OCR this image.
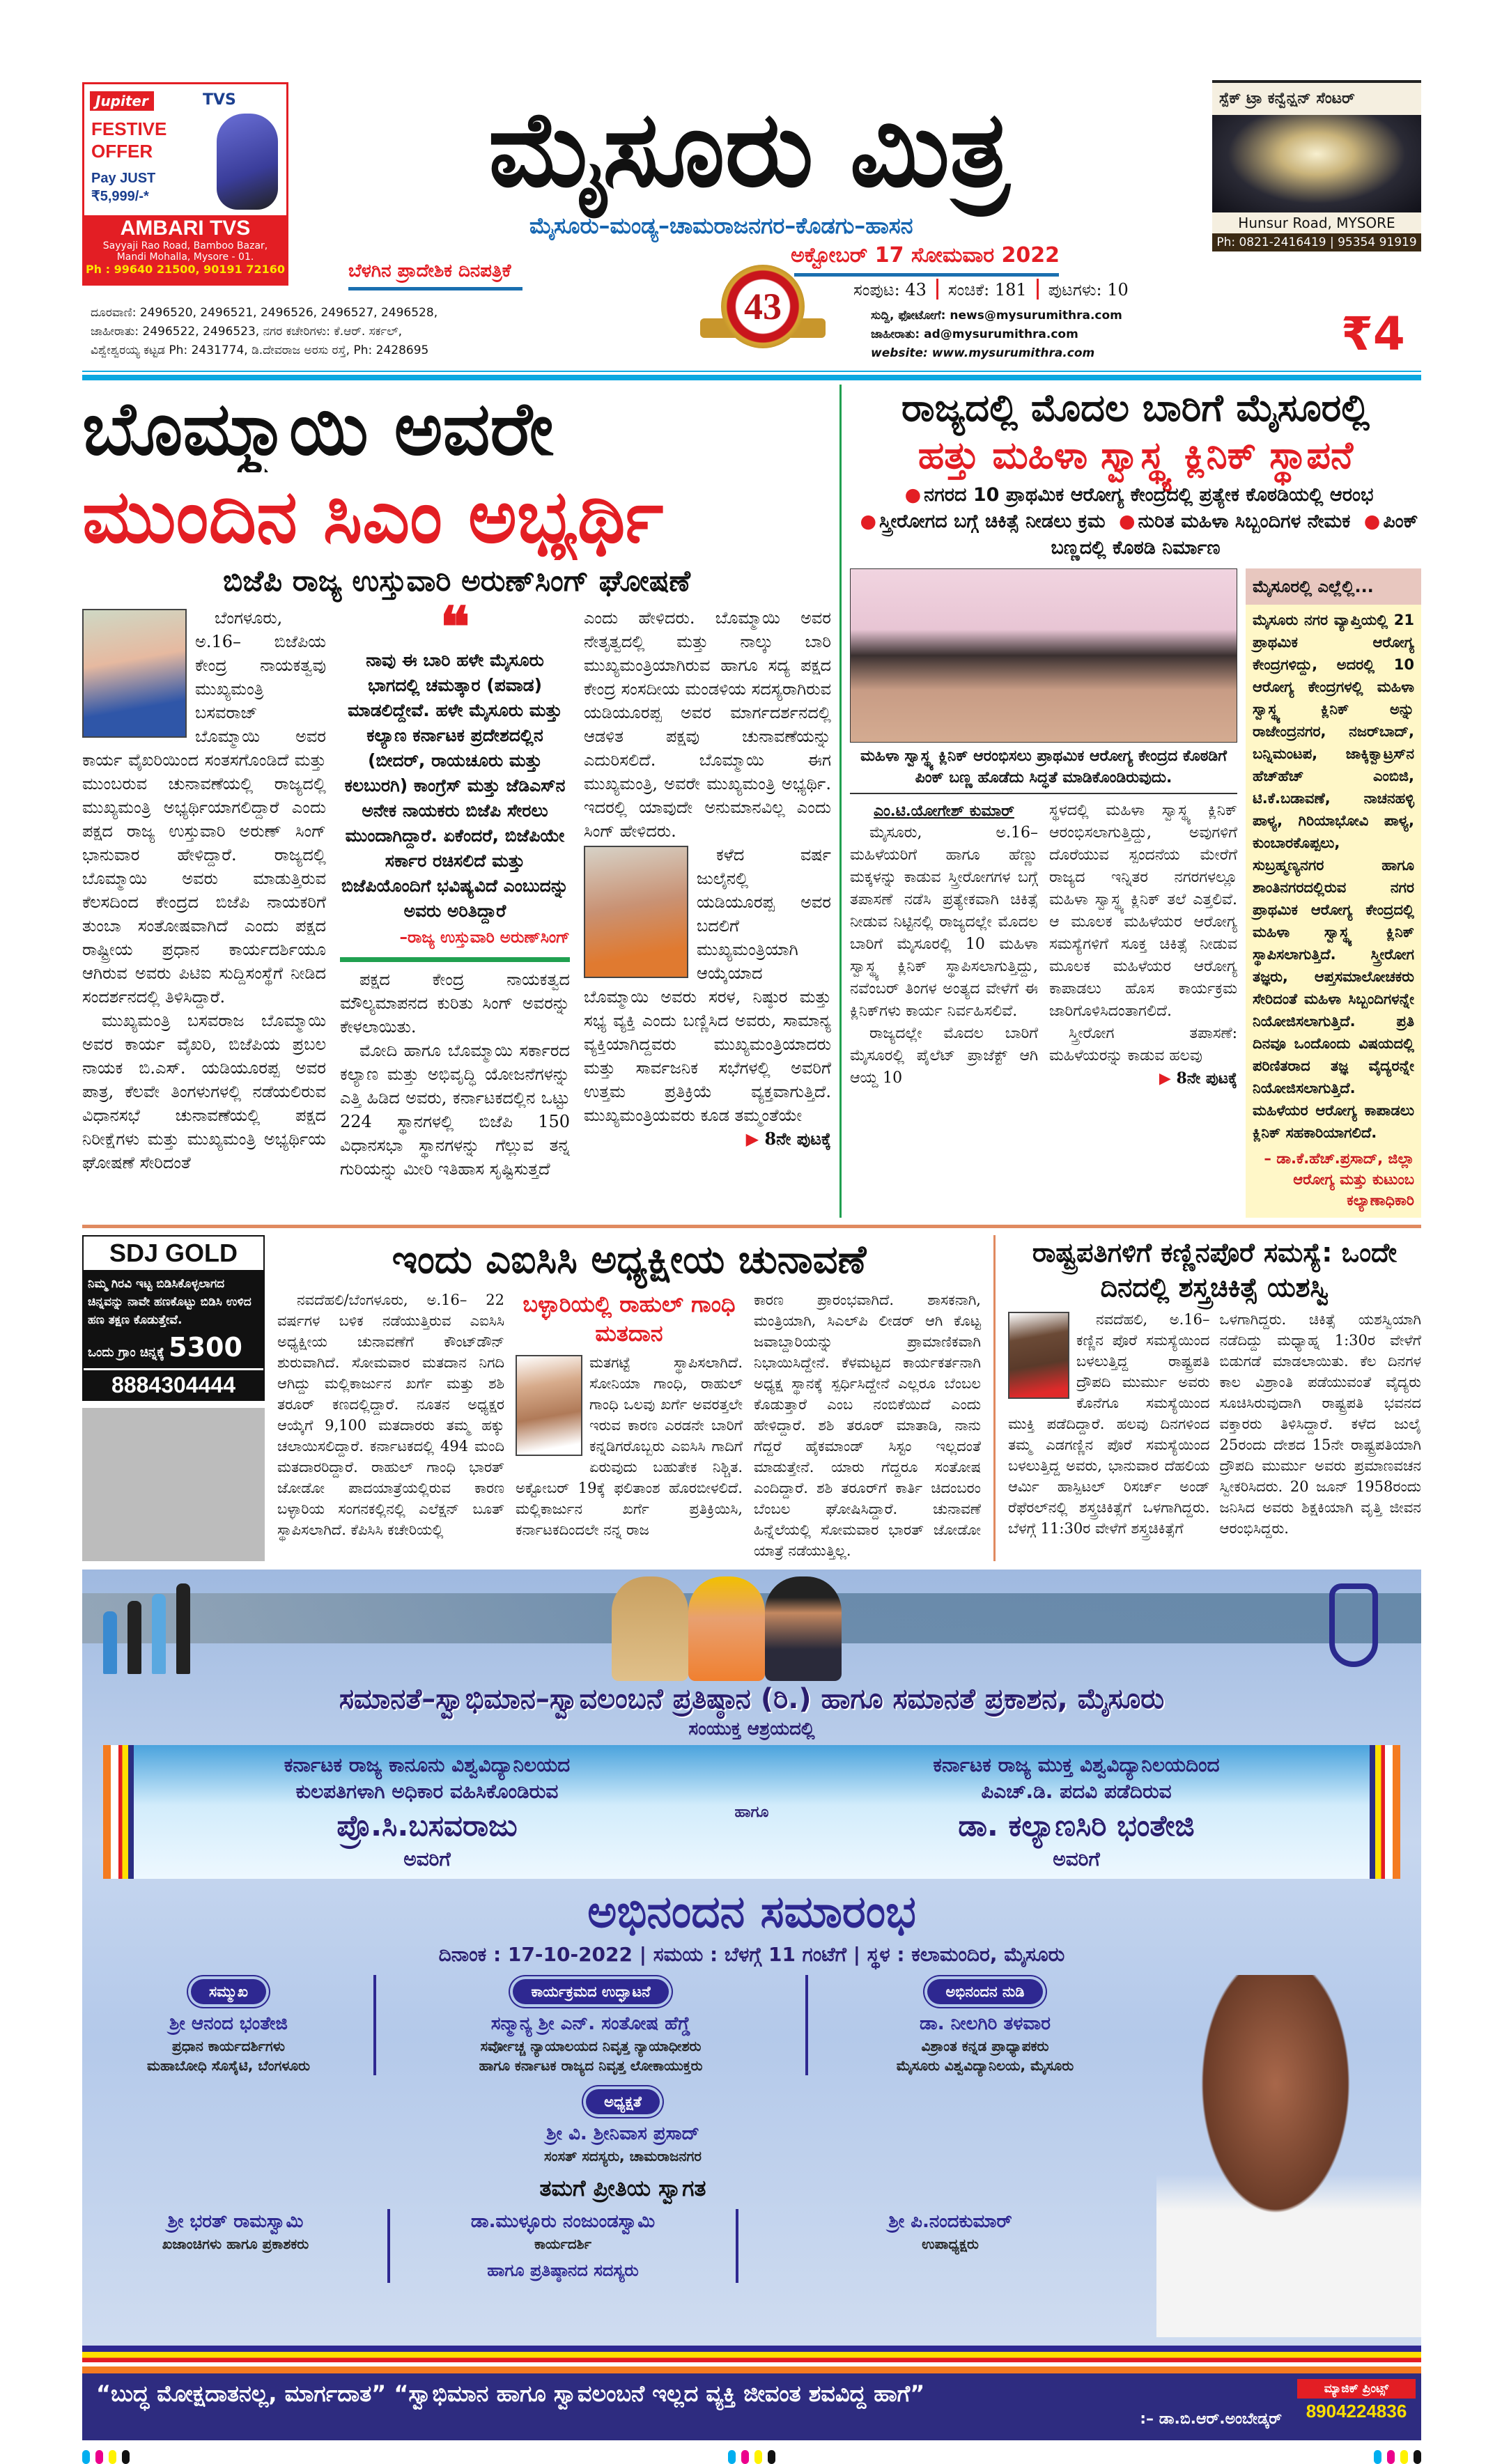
Jupiter	TVS
FESTIVE OFFER
Pay JUST ₹5,999/-*
AMBARI TVS
Sayyaji Rao Road, Bamboo Bazar, Mandi Mohalla, Mysore - 01.
Ph : 99640 21500, 90191 72160
ಮೈಸೂರು ಮಿತ್ರ
ಮೈಸೂರು–ಮಂಡ್ಯ–ಚಾಮರಾಜನಗರ–ಕೊಡಗು–ಹಾಸನ
ಬೆಳಗಿನ ಪ್ರಾದೇಶಿಕ ದಿನಪತ್ರಿಕೆ
43
ಅಕ್ಟೋಬರ್ 17 ಸೋಮವಾರ 2022
ಸಂಪುಟ: 43 ಸಂಚಿಕೆ: 181 ಪುಟಗಳು: 10
ದೂರವಾಣಿ: 2496520, 2496521, 2496526, 2496527, 2496528,
ಜಾಹೀರಾತು: 2496522, 2496523, ನಗರ ಕಚೇರಿಗಳು: ಕೆ.ಆರ್. ಸರ್ಕಲ್,
ವಿಶ್ವೇಶ್ವರಯ್ಯ ಕಟ್ಟಡ Ph: 2431774, ಡಿ.ದೇವರಾಜ ಅರಸು ರಸ್ತೆ, Ph: 2428695
ಸುದ್ದಿ, ಫೋಟೋಗೆ: news@mysurumithra.com
ಜಾಹೀರಾತು: ad@mysurumithra.com
website: www.mysurumithra.com	₹4
ಸ್ಪೆಕ್ ಟ್ರಾ ಕನ್ವೆನ್ಷನ್ ಸೆಂಟರ್
Hunsur Road, MYSORE
Ph: 0821-2416419 | 95354 91919
ಬೊಮ್ಮಾಯಿ ಅವರೇ
ಮುಂದಿನ ಸಿಎಂ ಅಭ್ಯರ್ಥಿ
ಬಿಜೆಪಿ ರಾಜ್ಯ ಉಸ್ತುವಾರಿ ಅರುಣ್‌ಸಿಂಗ್ ಘೋಷಣೆ

ಬೆಂಗಳೂರು, ಅ.16– ಬಿಜೆಪಿಯ ಕೇಂದ್ರ ನಾಯಕತ್ವವು ಮುಖ್ಯಮಂತ್ರಿ ಬಸವರಾಜ್ ಬೊಮ್ಮಾಯಿ ಅವರ ಕಾರ್ಯ ವೈಖರಿಯಿಂದ ಸಂತಸಗೊಂಡಿದೆ ಮತ್ತು ಮುಂಬರುವ ಚುನಾವಣೆಯಲ್ಲಿ ರಾಜ್ಯದಲ್ಲಿ ಮುಖ್ಯಮಂತ್ರಿ ಅಭ್ಯರ್ಥಿಯಾಗಲಿದ್ದಾರೆ ಎಂದು ಪಕ್ಷದ ರಾಜ್ಯ ಉಸ್ತುವಾರಿ ಅರುಣ್ ಸಿಂಗ್ ಭಾನುವಾರ ಹೇಳಿದ್ದಾರೆ. ರಾಜ್ಯದಲ್ಲಿ ಬೊಮ್ಮಾಯಿ ಅವರು ಮಾಡುತ್ತಿರುವ ಕೆಲಸದಿಂದ ಕೇಂದ್ರದ ಬಿಜೆಪಿ ನಾಯಕರಿಗೆ ತುಂಬಾ ಸಂತೋಷವಾಗಿದೆ ಎಂದು ಪಕ್ಷದ ರಾಷ್ಟ್ರೀಯ ಪ್ರಧಾನ ಕಾರ್ಯದರ್ಶಿಯೂ ಆಗಿರುವ ಅವರು ಪಿಟಿಐ ಸುದ್ದಿಸಂಸ್ಥೆಗೆ ನೀಡಿದ ಸಂದರ್ಶನದಲ್ಲಿ ತಿಳಿಸಿದ್ದಾರೆ.

ಮುಖ್ಯಮಂತ್ರಿ ಬಸವರಾಜ ಬೊಮ್ಮಾಯಿ ಅವರ ಕಾರ್ಯ ವೈಖರಿ, ಬಿಜೆಪಿಯ ಪ್ರಬಲ ನಾಯಕ ಬಿ.ಎಸ್. ಯಡಿಯೂರಪ್ಪ ಅವರ ಪಾತ್ರ, ಕೆಲವೇ ತಿಂಗಳುಗಳಲ್ಲಿ ನಡೆಯಲಿರುವ ವಿಧಾನಸಭೆ ಚುನಾವಣೆಯಲ್ಲಿ ಪಕ್ಷದ ನಿರೀಕ್ಷೆಗಳು ಮತ್ತು ಮುಖ್ಯಮಂತ್ರಿ ಅಭ್ಯರ್ಥಿಯ ಘೋಷಣೆ ಸೇರಿದಂತೆ

❝
ನಾವು ಈ ಬಾರಿ ಹಳೇ ಮೈಸೂರು ಭಾಗದಲ್ಲಿ ಚಮತ್ಕಾರ (ಪವಾಡ) ಮಾಡಲಿದ್ದೇವೆ. ಹಳೇ ಮೈಸೂರು ಮತ್ತು ಕಲ್ಯಾಣ ಕರ್ನಾಟಕ ಪ್ರದೇಶದಲ್ಲಿನ (ಬೀದರ್, ರಾಯಚೂರು ಮತ್ತು ಕಲಬುರಗಿ) ಕಾಂಗ್ರೆಸ್ ಮತ್ತು ಜೆಡಿಎಸ್‌ನ ಅನೇಕ ನಾಯಕರು ಬಿಜೆಪಿ ಸೇರಲು ಮುಂದಾಗಿದ್ದಾರೆ. ಏಕೆಂದರೆ, ಬಿಜೆಪಿಯೇ ಸರ್ಕಾರ ರಚಿಸಲಿದೆ ಮತ್ತು ಬಿಜೆಪಿಯೊಂದಿಗೆ ಭವಿಷ್ಯವಿದೆ ಎಂಬುದನ್ನು ಅವರು ಅರಿತಿದ್ದಾರೆ
–ರಾಜ್ಯ ಉಸ್ತುವಾರಿ ಅರುಣ್‌ಸಿಂಗ್

ಪಕ್ಷದ ಕೇಂದ್ರ ನಾಯಕತ್ವದ ಮೌಲ್ಯಮಾಪನದ ಕುರಿತು ಸಿಂಗ್ ಅವರನ್ನು ಕೇಳಲಾಯಿತು.

ಮೋದಿ ಹಾಗೂ ಬೊಮ್ಮಾಯಿ ಸರ್ಕಾರದ ಕಲ್ಯಾಣ ಮತ್ತು ಅಭಿವೃದ್ಧಿ ಯೋಜನೆಗಳನ್ನು ಎತ್ತಿ ಹಿಡಿದ ಅವರು, ಕರ್ನಾಟಕದಲ್ಲಿನ ಒಟ್ಟು 224 ಸ್ಥಾನಗಳಲ್ಲಿ ಬಿಜೆಪಿ 150 ವಿಧಾನಸಭಾ ಸ್ಥಾನಗಳನ್ನು ಗೆಲ್ಲುವ ತನ್ನ ಗುರಿಯನ್ನು ಮೀರಿ ಇತಿಹಾಸ ಸೃಷ್ಟಿಸುತ್ತದೆ

ಎಂದು ಹೇಳಿದರು. ಬೊಮ್ಮಾಯಿ ಅವರ ನೇತೃತ್ವದಲ್ಲಿ ಮತ್ತು ನಾಲ್ಕು ಬಾರಿ ಮುಖ್ಯಮಂತ್ರಿಯಾಗಿರುವ ಹಾಗೂ ಸದ್ಯ ಪಕ್ಷದ ಕೇಂದ್ರ ಸಂಸದೀಯ ಮಂಡಳಿಯ ಸದಸ್ಯರಾಗಿರುವ ಯಡಿಯೂರಪ್ಪ ಅವರ ಮಾರ್ಗದರ್ಶನದಲ್ಲಿ ಆಡಳಿತ ಪಕ್ಷವು ಚುನಾವಣೆಯನ್ನು ಎದುರಿಸಲಿದೆ. ಬೊಮ್ಮಾಯಿ ಈಗ ಮುಖ್ಯಮಂತ್ರಿ, ಅವರೇ ಮುಖ್ಯಮಂತ್ರಿ ಅಭ್ಯರ್ಥಿ. ಇದರಲ್ಲಿ ಯಾವುದೇ ಅನುಮಾನವಿಲ್ಲ ಎಂದು ಸಿಂಗ್ ಹೇಳಿದರು.

ಕಳೆದ ವರ್ಷ ಜುಲೈನಲ್ಲಿ ಯಡಿಯೂರಪ್ಪ ಅವರ ಬದಲಿಗೆ ಮುಖ್ಯಮಂತ್ರಿಯಾಗಿ ಆಯ್ಕೆಯಾದ ಬೊಮ್ಮಾಯಿ ಅವರು ಸರಳ, ನಿಷ್ಠುರ ಮತ್ತು ಸಭ್ಯ ವ್ಯಕ್ತಿ ಎಂದು ಬಣ್ಣಿಸಿದ ಅವರು, ಸಾಮಾನ್ಯ ವ್ಯಕ್ತಿಯಾಗಿದ್ದವರು ಮುಖ್ಯಮಂತ್ರಿಯಾದರು ಮತ್ತು ಸಾರ್ವಜನಿಕ ಸಭೆಗಳಲ್ಲಿ ಅವರಿಗೆ ಉತ್ತಮ ಪ್ರತಿಕ್ರಿಯೆ ವ್ಯಕ್ತವಾಗುತ್ತಿದೆ. ಮುಖ್ಯಮಂತ್ರಿಯವರು ಕೂಡ ತಮ್ಮಂತೆಯೇ

▶ 8ನೇ ಪುಟಕ್ಕೆ
ರಾಜ್ಯದಲ್ಲಿ ಮೊದಲ ಬಾರಿಗೆ ಮೈಸೂರಲ್ಲಿ
ಹತ್ತು ಮಹಿಳಾ ಸ್ವಾಸ್ಥ್ಯ ಕ್ಲಿನಿಕ್ ಸ್ಥಾಪನೆ
● ನಗರದ 10 ಪ್ರಾಥಮಿಕ ಆರೋಗ್ಯ ಕೇಂದ್ರದಲ್ಲಿ ಪ್ರತ್ಯೇಕ ಕೊಠಡಿಯಲ್ಲಿ ಆರಂಭ ● ಸ್ತ್ರೀರೋಗದ ಬಗ್ಗೆ ಚಿಕಿತ್ಸೆ ನೀಡಲು ಕ್ರಮ ● ನುರಿತ ಮಹಿಳಾ ಸಿಬ್ಬಂದಿಗಳ ನೇಮಕ ● ಪಿಂಕ್ ಬಣ್ಣದಲ್ಲಿ ಕೊಠಡಿ ನಿರ್ಮಾಣ
ಮಹಿಳಾ ಸ್ವಾಸ್ಥ್ಯ ಕ್ಲಿನಿಕ್ ಆರಂಭಿಸಲು ಪ್ರಾಥಮಿಕ ಆರೋಗ್ಯ ಕೇಂದ್ರದ ಕೊಠಡಿಗೆ ಪಿಂಕ್ ಬಣ್ಣ ಹೊಡೆದು ಸಿದ್ಧತೆ ಮಾಡಿಕೊಂಡಿರುವುದು.

ಎಂ.ಟಿ.ಯೋಗೇಶ್ ಕುಮಾರ್

ಮೈಸೂರು, ಅ.16– ಮಹಿಳೆಯರಿಗೆ ಹಾಗೂ ಹೆಣ್ಣು ಮಕ್ಕಳನ್ನು ಕಾಡುವ ಸ್ತ್ರೀರೋಗಗಳ ಬಗ್ಗೆ ತಪಾಸಣೆ ನಡೆಸಿ ಪ್ರತ್ಯೇಕವಾಗಿ ಚಿಕಿತ್ಸೆ ನೀಡುವ ನಿಟ್ಟಿನಲ್ಲಿ ರಾಜ್ಯದಲ್ಲೇ ಮೊದಲ ಬಾರಿಗೆ ಮೈಸೂರಲ್ಲಿ 10 ಮಹಿಳಾ ಸ್ವಾಸ್ಥ್ಯ ಕ್ಲಿನಿಕ್ ಸ್ಥಾಪಿಸಲಾಗುತ್ತಿದ್ದು, ನವೆಂಬರ್ ತಿಂಗಳ ಅಂತ್ಯದ ವೇಳೆಗೆ ಈ ಕ್ಲಿನಿಕ್‌ಗಳು ಕಾರ್ಯ ನಿರ್ವಹಿಸಲಿವೆ.

ರಾಜ್ಯದಲ್ಲೇ ಮೊದಲ ಬಾರಿಗೆ ಮೈಸೂರಲ್ಲಿ ಪೈಲೆಟ್ ಪ್ರಾಜೆಕ್ಟ್ ಆಗಿ ಆಯ್ದ 10

ಸ್ಥಳದಲ್ಲಿ ಮಹಿಳಾ ಸ್ವಾಸ್ಥ್ಯ ಕ್ಲಿನಿಕ್ ಆರಂಭಿಸಲಾಗುತ್ತಿದ್ದು, ಅವುಗಳಿಗೆ ದೊರೆಯುವ ಸ್ಪಂದನೆಯ ಮೇರೆಗೆ ರಾಜ್ಯದ ಇನ್ನಿತರ ನಗರಗಳಲ್ಲೂ ಮಹಿಳಾ ಸ್ವಾಸ್ಥ್ಯ ಕ್ಲಿನಿಕ್ ತಲೆ ಎತ್ತಲಿವೆ. ಆ ಮೂಲಕ ಮಹಿಳೆಯರ ಆರೋಗ್ಯ ಸಮಸ್ಯೆಗಳಿಗೆ ಸೂಕ್ತ ಚಿಕಿತ್ಸೆ ನೀಡುವ ಮೂಲಕ ಮಹಿಳೆಯರ ಆರೋಗ್ಯ ಕಾಪಾಡಲು ಹೊಸ ಕಾರ್ಯಕ್ರಮ ಜಾರಿಗೊಳಿಸಿದಂತಾಗಲಿದೆ.

ಸ್ತ್ರೀರೋಗ ತಪಾಸಣೆ: ಮಹಿಳೆಯರನ್ನು ಕಾಡುವ ಹಲವು

▶ 8ನೇ ಪುಟಕ್ಕೆ
ಮೈಸೂರಲ್ಲಿ ಎಲ್ಲೆಲ್ಲಿ...
ಮೈಸೂರು ನಗರ ವ್ಯಾಪ್ತಿಯಲ್ಲಿ 21 ಪ್ರಾಥಮಿಕ ಆರೋಗ್ಯ ಕೇಂದ್ರಗಳಿದ್ದು, ಅದರಲ್ಲಿ 10 ಆರೋಗ್ಯ ಕೇಂದ್ರಗಳಲ್ಲಿ ಮಹಿಳಾ ಸ್ವಾಸ್ಥ್ಯ ಕ್ಲಿನಿಕ್ ಅನ್ನು ರಾಜೇಂದ್ರನಗರ, ನಜರ್‌ಬಾದ್, ಬನ್ನಿಮಂಟಪ, ಜಾಕ್ಕಿಕ್ವಾಟ್ರಸ್‌ನ ಹೆಚ್‌ಹೆಚ್ ಎಂಬಿಜಿ, ಟಿ.ಕೆ.ಬಡಾವಣೆ, ನಾಚನಹಳ್ಳಿ ಪಾಳ್ಯ, ಗಿರಿಯಾಭೋವಿ ಪಾಳ್ಯ, ಕುಂಬಾರಕೊಪ್ಪಲು, ಸುಬ್ರಹ್ಮಣ್ಯನಗರ ಹಾಗೂ ಶಾಂತಿನಗರದಲ್ಲಿರುವ ನಗರ ಪ್ರಾಥಮಿಕ ಆರೋಗ್ಯ ಕೇಂದ್ರದಲ್ಲಿ ಮಹಿಳಾ ಸ್ವಾಸ್ಥ್ಯ ಕ್ಲಿನಿಕ್ ಸ್ಥಾಪಿಸಲಾಗುತ್ತಿದೆ. ಸ್ತ್ರೀರೋಗ ತಜ್ಞರು, ಆಪ್ತಸಮಾಲೋಚಕರು ಸೇರಿದಂತೆ ಮಹಿಳಾ ಸಿಬ್ಬಂದಿಗಳನ್ನೇ ನಿಯೋಜಿಸಲಾಗುತ್ತಿದೆ. ಪ್ರತಿ ದಿನವೂ ಒಂದೊಂದು ವಿಷಯದಲ್ಲಿ ಪರಿಣಿತರಾದ ತಜ್ಞ ವೈದ್ಯರನ್ನೇ ನಿಯೋಜಿಸಲಾಗುತ್ತಿದೆ. ಮಹಿಳೆಯರ ಆರೋಗ್ಯ ಕಾಪಾಡಲು ಕ್ಲಿನಿಕ್ ಸಹಕಾರಿಯಾಗಲಿದೆ.
– ಡಾ.ಕೆ.ಹೆಚ್.ಪ್ರಸಾದ್, ಜಿಲ್ಲಾ ಆರೋಗ್ಯ ಮತ್ತು ಕುಟುಂಬ ಕಲ್ಯಾಣಾಧಿಕಾರಿ
SDJ GOLD
ನಿಮ್ಮ ಗಿರವಿ ಇಟ್ಟ ಬಿಡಿಸಿಕೊಳ್ಳಲಾಗದ ಚಿನ್ನವನ್ನು ನಾವೇ ಹಣಕೊಟ್ಟು ಬಿಡಿಸಿ ಉಳಿದ ಹಣ ತಕ್ಷಣ ಕೊಡುತ್ತೇವೆ.
ಒಂದು ಗ್ರಾಂ ಚಿನ್ನಕ್ಕೆ 5300
8884304444
ಇಂದು ಎಐಸಿಸಿ ಅಧ್ಯಕ್ಷೀಯ ಚುನಾವಣೆ

ನವದೆಹಲಿ/ಬೆಂಗಳೂರು, ಅ.16– 22 ವರ್ಷಗಳ ಬಳಿಕ ನಡೆಯುತ್ತಿರುವ ಎಐಸಿಸಿ ಅಧ್ಯಕ್ಷೀಯ ಚುನಾವಣೆಗೆ ಕೌಂಟ್‌ಡೌನ್ ಶುರುವಾಗಿದೆ. ಸೋಮವಾರ ಮತದಾನ ನಿಗದಿ ಆಗಿದ್ದು ಮಲ್ಲಿಕಾರ್ಜುನ ಖರ್ಗೆ ಮತ್ತು ಶಶಿ ತರೂರ್ ಕಣದಲ್ಲಿದ್ದಾರೆ. ನೂತನ ಅಧ್ಯಕ್ಷರ ಆಯ್ಕೆಗೆ 9,100 ಮತದಾರರು ತಮ್ಮ ಹಕ್ಕು ಚಲಾಯಿಸಲಿದ್ದಾರೆ. ಕರ್ನಾಟಕದಲ್ಲಿ 494 ಮಂದಿ ಮತದಾರರಿದ್ದಾರೆ. ರಾಹುಲ್ ಗಾಂಧಿ ಭಾರತ್ ಜೋಡೋ ಪಾದಯಾತ್ರೆಯಲ್ಲಿರುವ ಕಾರಣ ಬಳ್ಳಾರಿಯ ಸಂಗನಕಲ್ಲಿನಲ್ಲಿ ಎಲೆಕ್ಷನ್ ಬೂತ್ ಸ್ಥಾಪಿಸಲಾಗಿದೆ. ಕೆಪಿಸಿಸಿ ಕಚೇರಿಯಲ್ಲಿ

ಬಳ್ಳಾರಿಯಲ್ಲಿ ರಾಹುಲ್ ಗಾಂಧಿ ಮತದಾನ

ಮತಗಟ್ಟೆ ಸ್ಥಾಪಿಸಲಾಗಿದೆ. ಸೋನಿಯಾ ಗಾಂಧಿ, ರಾಹುಲ್ ಗಾಂಧಿ ಒಲವು ಖರ್ಗೆ ಅವರತ್ತಲೇ ಇರುವ ಕಾರಣ ಎರಡನೇ ಬಾರಿಗೆ ಕನ್ನಡಿಗರೊಬ್ಬರು ಎಐಸಿಸಿ ಗಾದಿಗೆ ಏರುವುದು ಬಹುತೇಕ ನಿಶ್ಚಿತ. ಅಕ್ಟೋಬರ್ 19ಕ್ಕೆ ಫಲಿತಾಂಶ ಹೊರಬೀಳಲಿದೆ. ಮಲ್ಲಿಕಾರ್ಜುನ ಖರ್ಗೆ ಪ್ರತಿಕ್ರಿಯಿಸಿ, ಕರ್ನಾಟಕದಿಂದಲೇ ನನ್ನ ರಾಜ

ಕಾರಣ ಪ್ರಾರಂಭವಾಗಿದೆ. ಶಾಸಕನಾಗಿ, ಮಂತ್ರಿಯಾಗಿ, ಸಿಎಲ್‌ಪಿ ಲೀಡರ್ ಆಗಿ ಕೊಟ್ಟ ಜವಾಬ್ದಾರಿಯನ್ನು ಪ್ರಾಮಾಣಿಕವಾಗಿ ನಿಭಾಯಿಸಿದ್ದೇನೆ. ಕೆಳಮಟ್ಟದ ಕಾರ್ಯಕರ್ತನಾಗಿ ಅಧ್ಯಕ್ಷ ಸ್ಥಾನಕ್ಕೆ ಸ್ಪರ್ಧಿಸಿದ್ದೇನೆ ಎಲ್ಲರೂ ಬೆಂಬಲ ಕೊಡುತ್ತಾರೆ ಎಂಬ ನಂಬಿಕೆಯಿದೆ ಎಂದು ಹೇಳಿದ್ದಾರೆ. ಶಶಿ ತರೂರ್ ಮಾತಾಡಿ, ನಾನು ಗೆದ್ದರೆ ಹೈಕಮಾಂಡ್ ಸಿಸ್ಟಂ ಇಲ್ಲದಂತೆ ಮಾಡುತ್ತೇನೆ. ಯಾರು ಗೆದ್ದರೂ ಸಂತೋಷ ಎಂದಿದ್ದಾರೆ. ಶಶಿ ತರೂರ್‌ಗೆ ಕಾರ್ತಿ ಚಿದಂಬರಂ ಬೆಂಬಲ ಘೋಷಿಸಿದ್ದಾರೆ. ಚುನಾವಣೆ ಹಿನ್ನೆಲೆಯಲ್ಲಿ ಸೋಮವಾರ ಭಾರತ್ ಜೋಡೋ ಯಾತ್ರೆ ನಡೆಯುತ್ತಿಲ್ಲ.

ರಾಷ್ಟ್ರಪತಿಗಳಿಗೆ ಕಣ್ಣಿನಪೊರೆ ಸಮಸ್ಯೆ: ಒಂದೇ ದಿನದಲ್ಲಿ ಶಸ್ತ್ರಚಿಕಿತ್ಸೆ ಯಶಸ್ವಿ

ನವದೆಹಲಿ, ಅ.16– ಕಣ್ಣಿನ ಪೊರೆ ಸಮಸ್ಯೆಯಿಂದ ಬಳಲುತ್ತಿದ್ದ ರಾಷ್ಟ್ರಪತಿ ದ್ರೌಪದಿ ಮುರ್ಮು ಅವರು ಕೊನೆಗೂ ಸಮಸ್ಯೆಯಿಂದ ಮುಕ್ತಿ ಪಡೆದಿದ್ದಾರೆ. ಹಲವು ದಿನಗಳಿಂದ ತಮ್ಮ ಎಡಗಣ್ಣಿನ ಪೊರೆ ಸಮಸ್ಯೆಯಿಂದ ಬಳಲುತ್ತಿದ್ದ ಅವರು, ಭಾನುವಾರ ದೆಹಲಿಯ ಆರ್ಮಿ ಹಾಸ್ಪಿಟಲ್ ರಿಸರ್ಚ್ ಅಂಡ್ ರೆಫೆರಲ್‌ನಲ್ಲಿ ಶಸ್ತ್ರಚಿಕಿತ್ಸೆಗೆ ಒಳಗಾಗಿದ್ದರು. ಬೆಳಗ್ಗೆ 11:30ರ ವೇಳೆಗೆ ಶಸ್ತ್ರಚಿಕಿತ್ಸೆಗೆ

ಒಳಗಾಗಿದ್ದರು. ಚಿಕಿತ್ಸೆ ಯಶಸ್ವಿಯಾಗಿ ನಡೆದಿದ್ದು ಮಧ್ಯಾಹ್ನ 1:30ರ ವೇಳೆಗೆ ಬಿಡುಗಡೆ ಮಾಡಲಾಯಿತು. ಕೆಲ ದಿನಗಳ ಕಾಲ ವಿಶ್ರಾಂತಿ ಪಡೆಯುವಂತೆ ವೈದ್ಯರು ಸೂಚಿಸಿರುವುದಾಗಿ ರಾಷ್ಟ್ರಪತಿ ಭವನದ ವಕ್ತಾರರು ತಿಳಿಸಿದ್ದಾರೆ. ಕಳೆದ ಜುಲೈ 25ರಂದು ದೇಶದ 15ನೇ ರಾಷ್ಟ್ರಪತಿಯಾಗಿ ದ್ರೌಪದಿ ಮುರ್ಮು ಅವರು ಪ್ರಮಾಣವಚನ ಸ್ವೀಕರಿಸಿದರು. 20 ಜೂನ್ 1958ರಂದು ಜನಿಸಿದ ಅವರು ಶಿಕ್ಷಕಿಯಾಗಿ ವೃತ್ತಿ ಜೀವನ ಆರಂಭಿಸಿದ್ದರು.

ಸಮಾನತೆ–ಸ್ವಾಭಿಮಾನ–ಸ್ವಾವಲಂಬನೆ ಪ್ರತಿಷ್ಠಾನ (ರಿ.) ಹಾಗೂ ಸಮಾನತೆ ಪ್ರಕಾಶನ, ಮೈಸೂರು
ಸಂಯುಕ್ತ ಆಶ್ರಯದಲ್ಲಿ
ಕರ್ನಾಟಕ ರಾಜ್ಯ ಕಾನೂನು ವಿಶ್ವವಿದ್ಯಾನಿಲಯದ
ಕುಲಪತಿಗಳಾಗಿ ಅಧಿಕಾರ ವಹಿಸಿಕೊಂಡಿರುವ
ಪ್ರೊ.ಸಿ.ಬಸವರಾಜು
ಅವರಿಗೆ
ಹಾಗೂ
ಕರ್ನಾಟಕ ರಾಜ್ಯ ಮುಕ್ತ ವಿಶ್ವವಿದ್ಯಾನಿಲಯದಿಂದ
ಪಿಎಚ್.ಡಿ. ಪದವಿ ಪಡೆದಿರುವ
ಡಾ. ಕಲ್ಯಾಣಸಿರಿ ಭಂತೇಜಿ
ಅವರಿಗೆ
ಅಭಿನಂದನ ಸಮಾರಂಭ
ದಿನಾಂಕ : 17-10-2022 | ಸಮಯ : ಬೆಳಗ್ಗೆ 11 ಗಂಟೆಗೆ | ಸ್ಥಳ : ಕಲಾಮಂದಿರ, ಮೈಸೂರು
ಸಮ್ಮುಖ
ಶ್ರೀ ಆನಂದ ಭಂತೇಜಿ
ಪ್ರಧಾನ ಕಾರ್ಯದರ್ಶಿಗಳು
ಮಹಾಬೋಧಿ ಸೊಸೈಟಿ, ಬೆಂಗಳೂರು
ಕಾರ್ಯಕ್ರಮದ ಉದ್ಘಾಟನೆ
ಸನ್ಮಾನ್ಯ ಶ್ರೀ ಎನ್. ಸಂತೋಷ ಹೆಗ್ಡೆ
ಸರ್ವೋಚ್ಚ ನ್ಯಾಯಾಲಯದ ನಿವೃತ್ತ ನ್ಯಾಯಾಧೀಶರು
ಹಾಗೂ ಕರ್ನಾಟಕ ರಾಜ್ಯದ ನಿವೃತ್ತ ಲೋಕಾಯುಕ್ತರು
ಅಭಿನಂದನ ನುಡಿ
ಡಾ. ನೀಲಗಿರಿ ತಳವಾರ
ವಿಶ್ರಾಂತ ಕನ್ನಡ ಪ್ರಾಧ್ಯಾಪಕರು
ಮೈಸೂರು ವಿಶ್ವವಿದ್ಯಾನಿಲಯ, ಮೈಸೂರು
ಅಧ್ಯಕ್ಷತೆ
ಶ್ರೀ ವಿ. ಶ್ರೀನಿವಾಸ ಪ್ರಸಾದ್
ಸಂಸತ್ ಸದಸ್ಯರು, ಚಾಮರಾಜನಗರ
ತಮಗೆ ಪ್ರೀತಿಯ ಸ್ವಾಗತ
ಶ್ರೀ ಭರತ್ ರಾಮಸ್ವಾಮಿ
ಖಜಾಂಚಿಗಳು ಹಾಗೂ ಪ್ರಕಾಶಕರು
ಡಾ.ಮುಳ್ಳೂರು ನಂಜುಂಡಸ್ವಾಮಿ
ಕಾರ್ಯದರ್ಶಿ
ಹಾಗೂ ಪ್ರತಿಷ್ಠಾನದ ಸದಸ್ಯರು
ಶ್ರೀ ಪಿ.ನಂದಕುಮಾರ್
ಉಪಾಧ್ಯಕ್ಷರು
“ಬುದ್ಧ ಮೋಕ್ಷದಾತನಲ್ಲ, ಮಾರ್ಗದಾತ” “ಸ್ವಾಭಿಮಾನ ಹಾಗೂ ಸ್ವಾವಲಂಬನೆ ಇಲ್ಲದ ವ್ಯಕ್ತಿ ಜೀವಂತ ಶವವಿದ್ದ ಹಾಗೆ”
:– ಡಾ.ಬಿ.ಆರ್.ಅಂಬೇಡ್ಕರ್
ಮ್ಯಾಜಿಕ್ ಪ್ರಿಂಟ್ಸ್
8904224836
